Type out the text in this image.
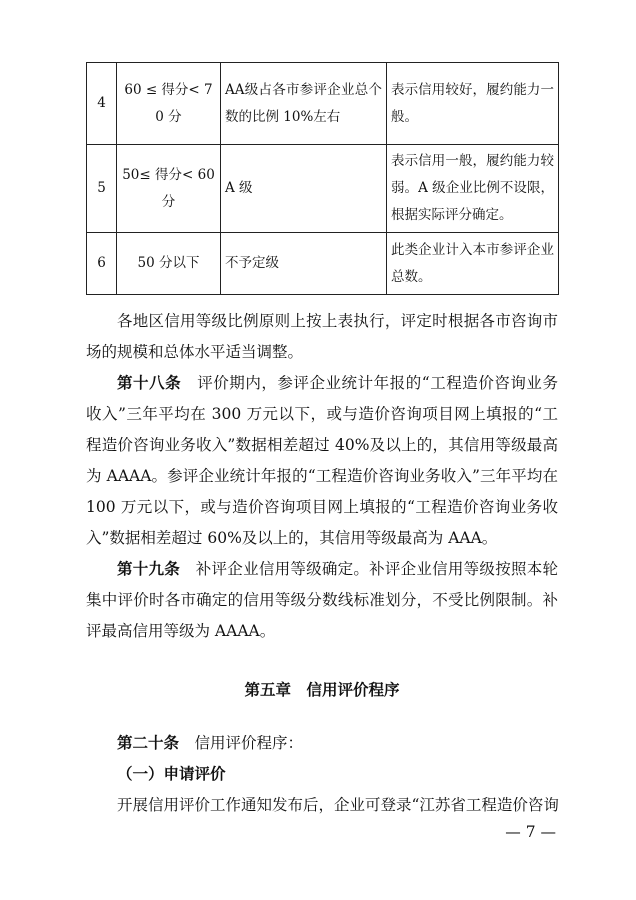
4	60 ≤ 得分< 70 分	AA级占各市参评企业总个数的比例 10%左右	表示信用较好，履约能力一般。
5	50≤ 得分< 60 分	A 级	表示信用一般，履约能力较弱。A 级企业比例不设限，根据实际评分确定。
6	50 分以下	不予定级	此类企业计入本市参评企业总数。

各地区信用等级比例原则上按上表执行，评定时根据各市咨询市场的规模和总体水平适当调整。

第十八条　 评价期内，参评企业统计年报的“工程造价咨询业务收入”三年平均在 300 万元以下，或与造价咨询项目网上填报的“工程造价咨询业务收入”数据相差超过 40%及以上的，其信用等级最高为 AAAA。参评企业统计年报的“工程造价咨询业务收入”三年平均在 100 万元以下，或与造价咨询项目网上填报的“工程造价咨询业务收入”数据相差超过 60%及以上的，其信用等级最高为 AAA。

第十九条　 补评企业信用等级确定。补评企业信用等级按照本轮集中评价时各市确定的信用等级分数线标准划分，不受比例限制。补评最高信用等级为 AAAA。

第五章　信用评价程序

第二十条　 信用评价程序：

（一）申请评价

开展信用评价工作通知发布后，企业可登录“江苏省工程造价咨询

— 7 —
